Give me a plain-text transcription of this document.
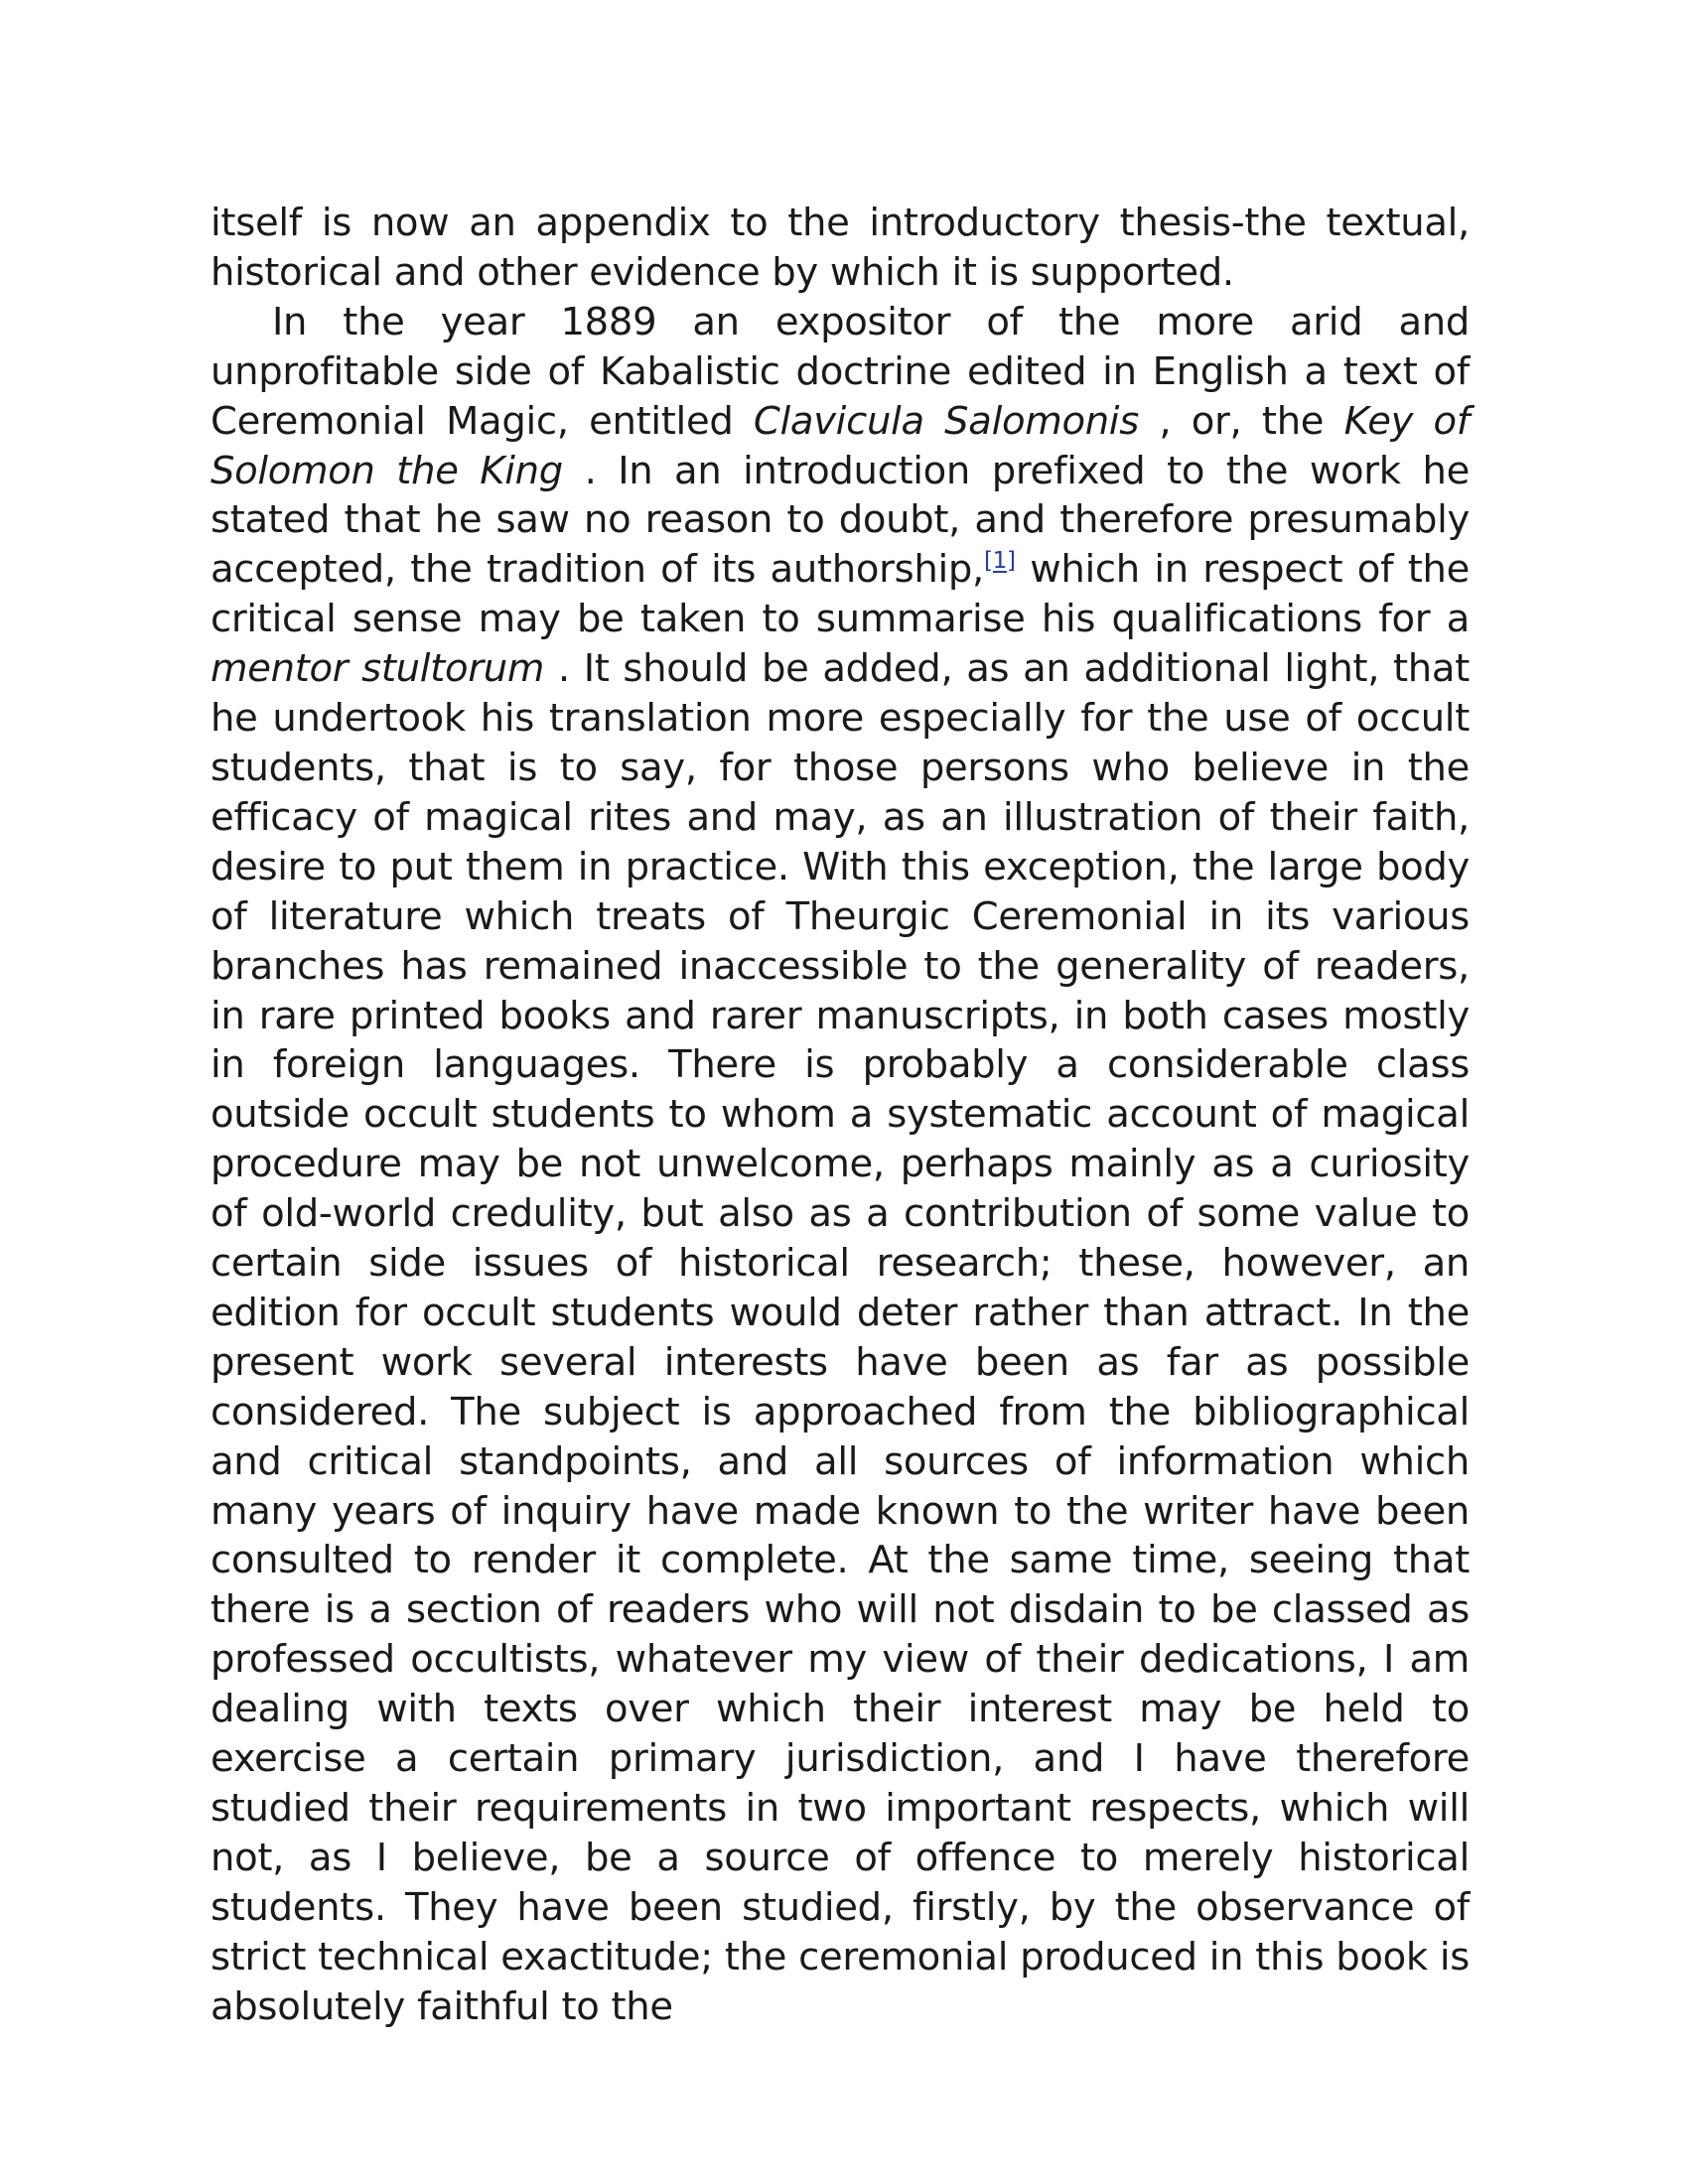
itself is now an appendix to the introductory thesis-the textual, historical and other evidence by which it is supported.

In the year 1889 an expositor of the more arid and unprofitable side of Kabalistic doctrine edited in English a text of Ceremonial Magic, entitled Clavicula Salomonis , or, the Key of Solomon the King . In an introduction prefixed to the work he stated that he saw no reason to doubt, and therefore presumably accepted, the tradition of its authorship,[1] which in respect of the critical sense may be taken to summarise his qualifications for a mentor stultorum . It should be added, as an additional light, that he undertook his translation more especially for the use of occult students, that is to say, for those persons who believe in the efficacy of magical rites and may, as an illustration of their faith, desire to put them in practice. With this exception, the large body of literature which treats of Theurgic Ceremonial in its various branches has remained inaccessible to the generality of readers, in rare printed books and rarer manuscripts, in both cases mostly in foreign languages. There is probably a considerable class outside occult students to whom a systematic account of magical procedure may be not unwelcome, perhaps mainly as a curiosity of old-world credulity, but also as a contribution of some value to certain side issues of historical research; these, however, an edition for occult students would deter rather than attract. In the present work several interests have been as far as possible considered. The subject is approached from the bibliographical and critical standpoints, and all sources of information which many years of inquiry have made known to the writer have been consulted to render it complete. At the same time, seeing that there is a section of readers who will not disdain to be classed as professed occultists, whatever my view of their dedications, I am dealing with texts over which their interest may be held to exercise a certain primary jurisdiction, and I have therefore studied their requirements in two important respects, which will not, as I believe, be a source of offence to merely historical students. They have been studied, firstly, by the observance of strict technical exactitude; the ceremonial produced in this book is absolutely faithful to the
